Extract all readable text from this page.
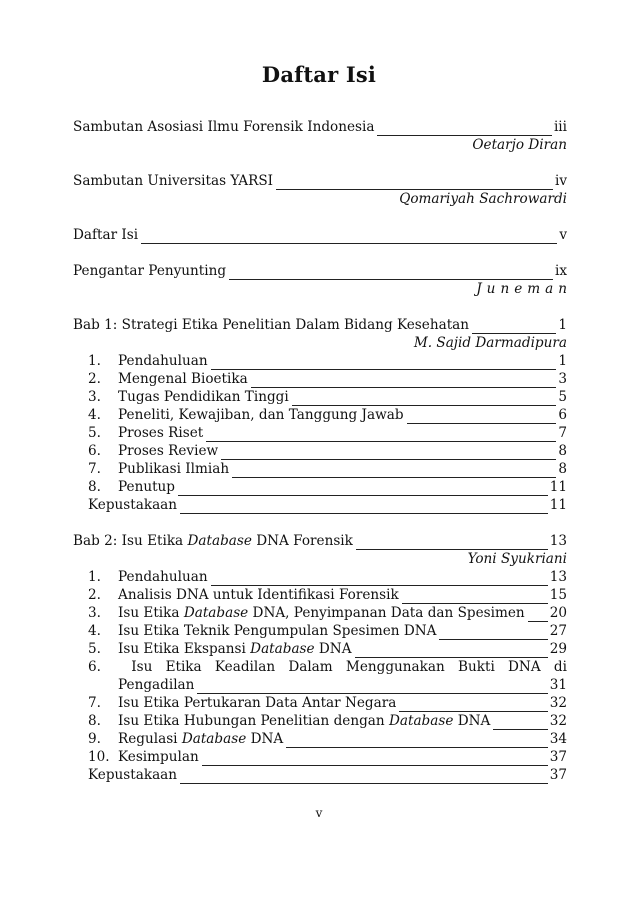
Daftar Isi
Sambutan Asosiasi Ilmu Forensik Indonesia	iii
Oetarjo Diran
Sambutan Universitas YARSI	iv
Qomariyah Sachrowardi
Daftar Isi	v
Pengantar Penyunting	ix
Juneman
Bab 1: Strategi Etika Penelitian Dalam Bidang Kesehatan	1
M. Sajid Darmadipura
1. Pendahuluan	1
2. Mengenal Bioetika	3
3. Tugas Pendidikan Tinggi	5
4. Peneliti, Kewajiban, dan Tanggung Jawab	6
5. Proses Riset	7
6. Proses Review	8
7. Publikasi Ilmiah	8
8. Penutup	11
Kepustakaan	11
Bab 2: Isu Etika Database DNA Forensik	13
Yoni Syukriani
1. Pendahuluan	13
2. Analisis DNA untuk Identifikasi Forensik	15
3. Isu Etika Database DNA, Penyimpanan Data dan Spesimen 20
4. Isu Etika Teknik Pengumpulan Spesimen DNA	27
5. Isu Etika Ekspansi Database DNA	29
6.	Isu Etika Keadilan Dalam Menggunakan Bukti DNA di
Pengadilan	31
7. Isu Etika Pertukaran Data Antar Negara	32
8. Isu Etika Hubungan Penelitian dengan Database DNA	32
9. Regulasi Database DNA	34
10. Kesimpulan	37
Kepustakaan	37
v
